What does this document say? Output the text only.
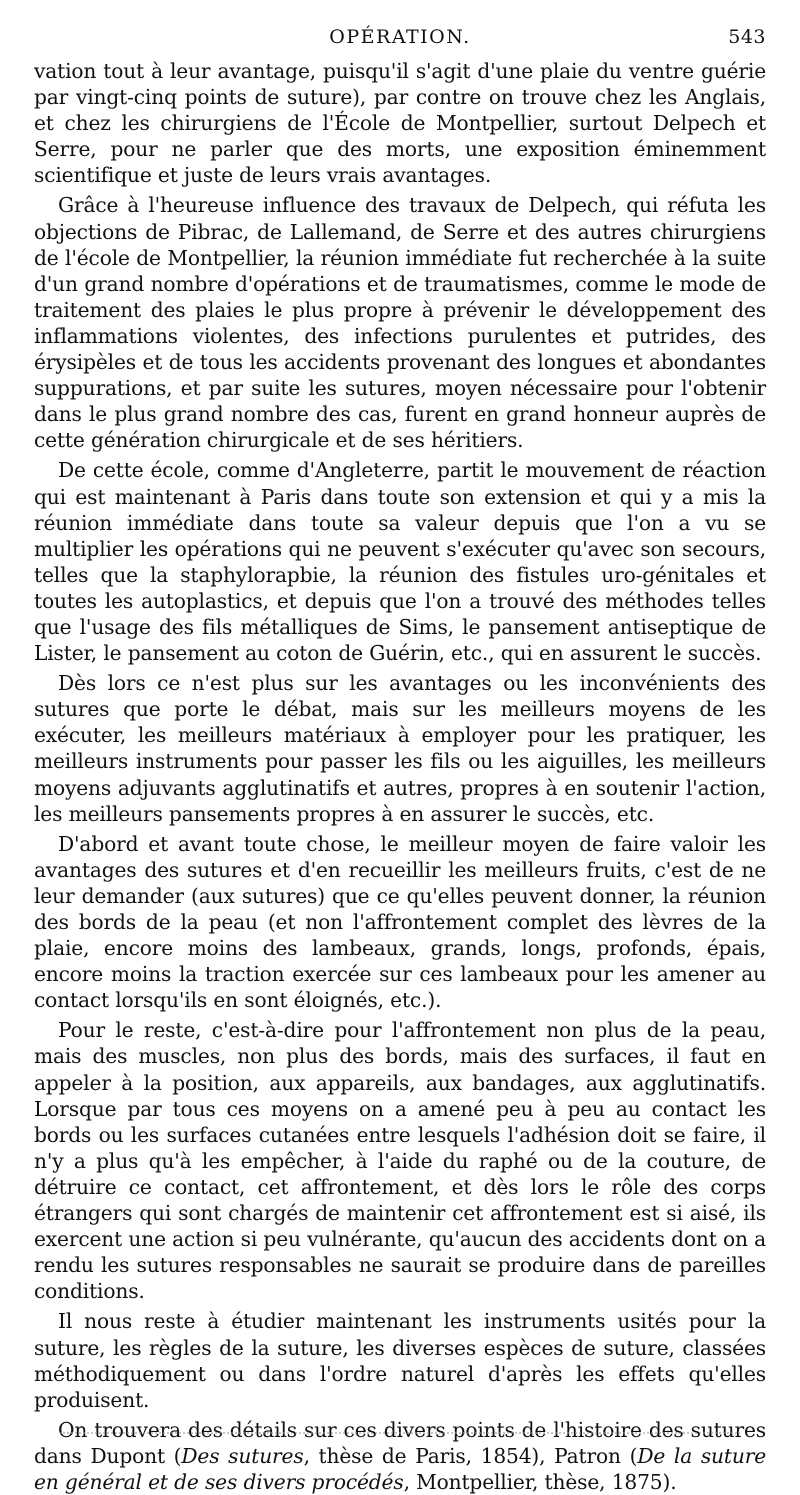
OPÉRATION.	543

vation tout à leur avantage, puisqu'il s'agit d'une plaie du ventre guérie par vingt-cinq points de suture), par contre on trouve chez les Anglais, et chez les chirurgiens de l'École de Montpellier, surtout Delpech et Serre, pour ne parler que des morts, une exposition éminemment scientifique et juste de leurs vrais avantages.

Grâce à l'heureuse influence des travaux de Delpech, qui réfuta les objections de Pibrac, de Lallemand, de Serre et des autres chirurgiens de l'école de Montpellier, la réunion immédiate fut recherchée à la suite d'un grand nombre d'opérations et de traumatismes, comme le mode de traitement des plaies le plus propre à prévenir le développement des inflammations violentes, des infections purulentes et putrides, des érysipèles et de tous les accidents provenant des longues et abondantes suppurations, et par suite les sutures, moyen nécessaire pour l'obtenir dans le plus grand nombre des cas, furent en grand honneur auprès de cette génération chirurgicale et de ses héritiers.

De cette école, comme d'Angleterre, partit le mouvement de réaction qui est maintenant à Paris dans toute son extension et qui y a mis la réunion immédiate dans toute sa valeur depuis que l'on a vu se multiplier les opérations qui ne peuvent s'exécuter qu'avec son secours, telles que la staphylorapbie, la réunion des fistules uro-génitales et toutes les autoplastics, et depuis que l'on a trouvé des méthodes telles que l'usage des fils métalliques de Sims, le pansement antiseptique de Lister, le pansement au coton de Guérin, etc., qui en assurent le succès.

Dès lors ce n'est plus sur les avantages ou les inconvénients des sutures que porte le débat, mais sur les meilleurs moyens de les exécuter, les meilleurs matériaux à employer pour les pratiquer, les meilleurs instruments pour passer les fils ou les aiguilles, les meilleurs moyens adjuvants agglutinatifs et autres, propres à en soutenir l'action, les meilleurs pansements propres à en assurer le succès, etc.

D'abord et avant toute chose, le meilleur moyen de faire valoir les avantages des sutures et d'en recueillir les meilleurs fruits, c'est de ne leur demander (aux sutures) que ce qu'elles peuvent donner, la réunion des bords de la peau (et non l'affrontement complet des lèvres de la plaie, encore moins des lambeaux, grands, longs, profonds, épais, encore moins la traction exercée sur ces lambeaux pour les amener au contact lorsqu'ils en sont éloignés, etc.).

Pour le reste, c'est-à-dire pour l'affrontement non plus de la peau, mais des muscles, non plus des bords, mais des surfaces, il faut en appeler à la position, aux appareils, aux bandages, aux agglutinatifs. Lorsque par tous ces moyens on a amené peu à peu au contact les bords ou les surfaces cutanées entre lesquels l'adhésion doit se faire, il n'y a plus qu'à les empêcher, à l'aide du raphé ou de la couture, de détruire ce contact, cet affrontement, et dès lors le rôle des corps étrangers qui sont chargés de maintenir cet affrontement est si aisé, ils exercent une action si peu vulnérante, qu'aucun des accidents dont on a rendu les sutures responsables ne saurait se produire dans de pareilles conditions.

Il nous reste à étudier maintenant les instruments usités pour la suture, les règles de la suture, les diverses espèces de suture, classées méthodiquement ou dans l'ordre naturel d'après les effets qu'elles produisent.

On trouvera des détails sur ces divers points de l'histoire des sutures dans Dupont (Des sutures, thèse de Paris, 1854), Patron (De la suture en général et de ses divers procédés, Montpellier, thèse, 1875).
